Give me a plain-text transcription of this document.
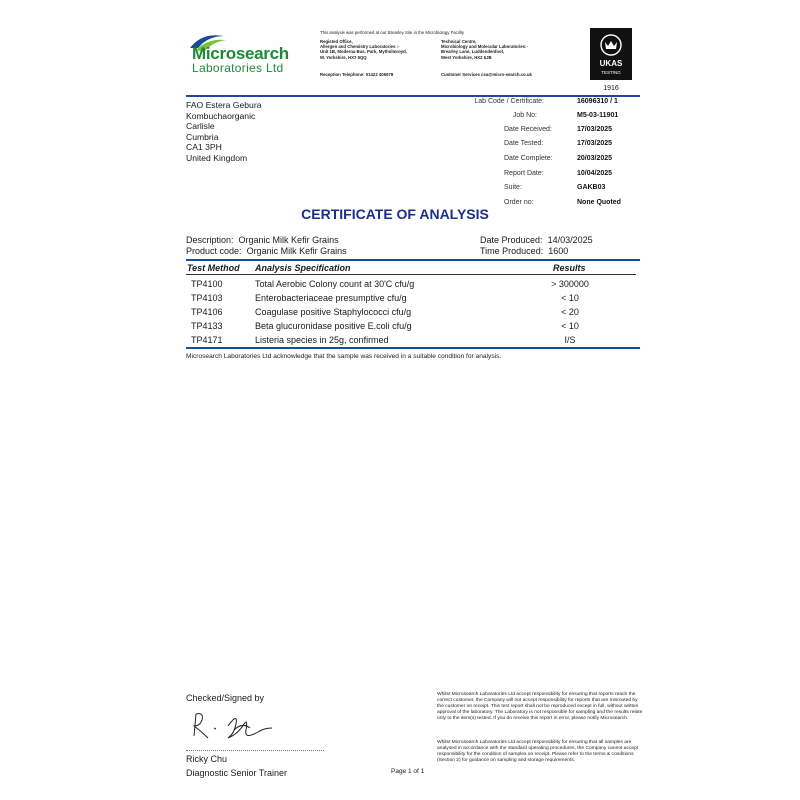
This analysis was performed at our Brearley Site in the Microbiology Facility
Microsearch
Laboratories Ltd
Registed Office,
Allergen and Chemistry Laboratories :-
Unit 1B, Moderna Bus. Park, Mytholmroyd,
W. Yorkshire, HX7 5QQ
Reception Telephone: 01422 405678
Technical Centre,
Microbiology and Molecular Laboratories:-
Brearley Lane, Luddendenfoot,
West Yorkshire, HX2 6JB
Customer Services csa@micro-search.co.uk
UKAS
TESTING
1916
FAO Estera Gebura
Kombuchaorganic
Carlisle
Cumbria
CA1 3PH
United Kingdom
Lab Code / Certificate:	16096310 / 1
Job No:	M5-03-11901
Date Received:	17/03/2025
Date Tested:	17/03/2025
Date Complete:	20/03/2025
Report Date:	10/04/2025
Suite:	GAKB03
Order no:	None Quoted
CERTIFICATE OF ANALYSIS
Description: Organic Milk Kefir Grains
Product code: Organic Milk Kefir Grains
Date Produced: 14/03/2025
Time Produced: 1600
Test Method Analysis Specification	Results
TP4100	Total Aerobic Colony count at 30'C cfu/g	> 300000
TP4103	Enterobacteriaceae presumptive cfu/g	< 10
TP4106	Coagulase positive Staphylococci cfu/g	< 20
TP4133	Beta glucuronidase positive E.coli cfu/g	< 10
TP4171	Listeria species in 25g, confirmed	I/S
Microsearch Laboratories Ltd acknowledge that the sample was received in a suitable condition for analysis.
Checked/Signed by
Ricky Chu
Diagnostic Senior Trainer	Page 1 of 1
Whilst Microsearch Laboratories Ltd accept responsibility for ensuring that reports reach the correct customer, the Company will not accept responsibility for reports that are misrouted by the customer on receipt. This test report shall not be reproduced except in full, without written approval of the laboratory. The Laboratory is not responsible for sampling and the results relate only to the item(s) tested. If you do receive this report in error, please notify Microsearch.
Whilst Microsearch Laboratories Ltd accept responsibility for ensuring that all samples are analysed in accordance with the standard operating procedures, the Company cannot accept responsibility for the condition of samples on receipt. Please refer to the terms & conditions (Section 2) for guidance on sampling and storage requirements.
